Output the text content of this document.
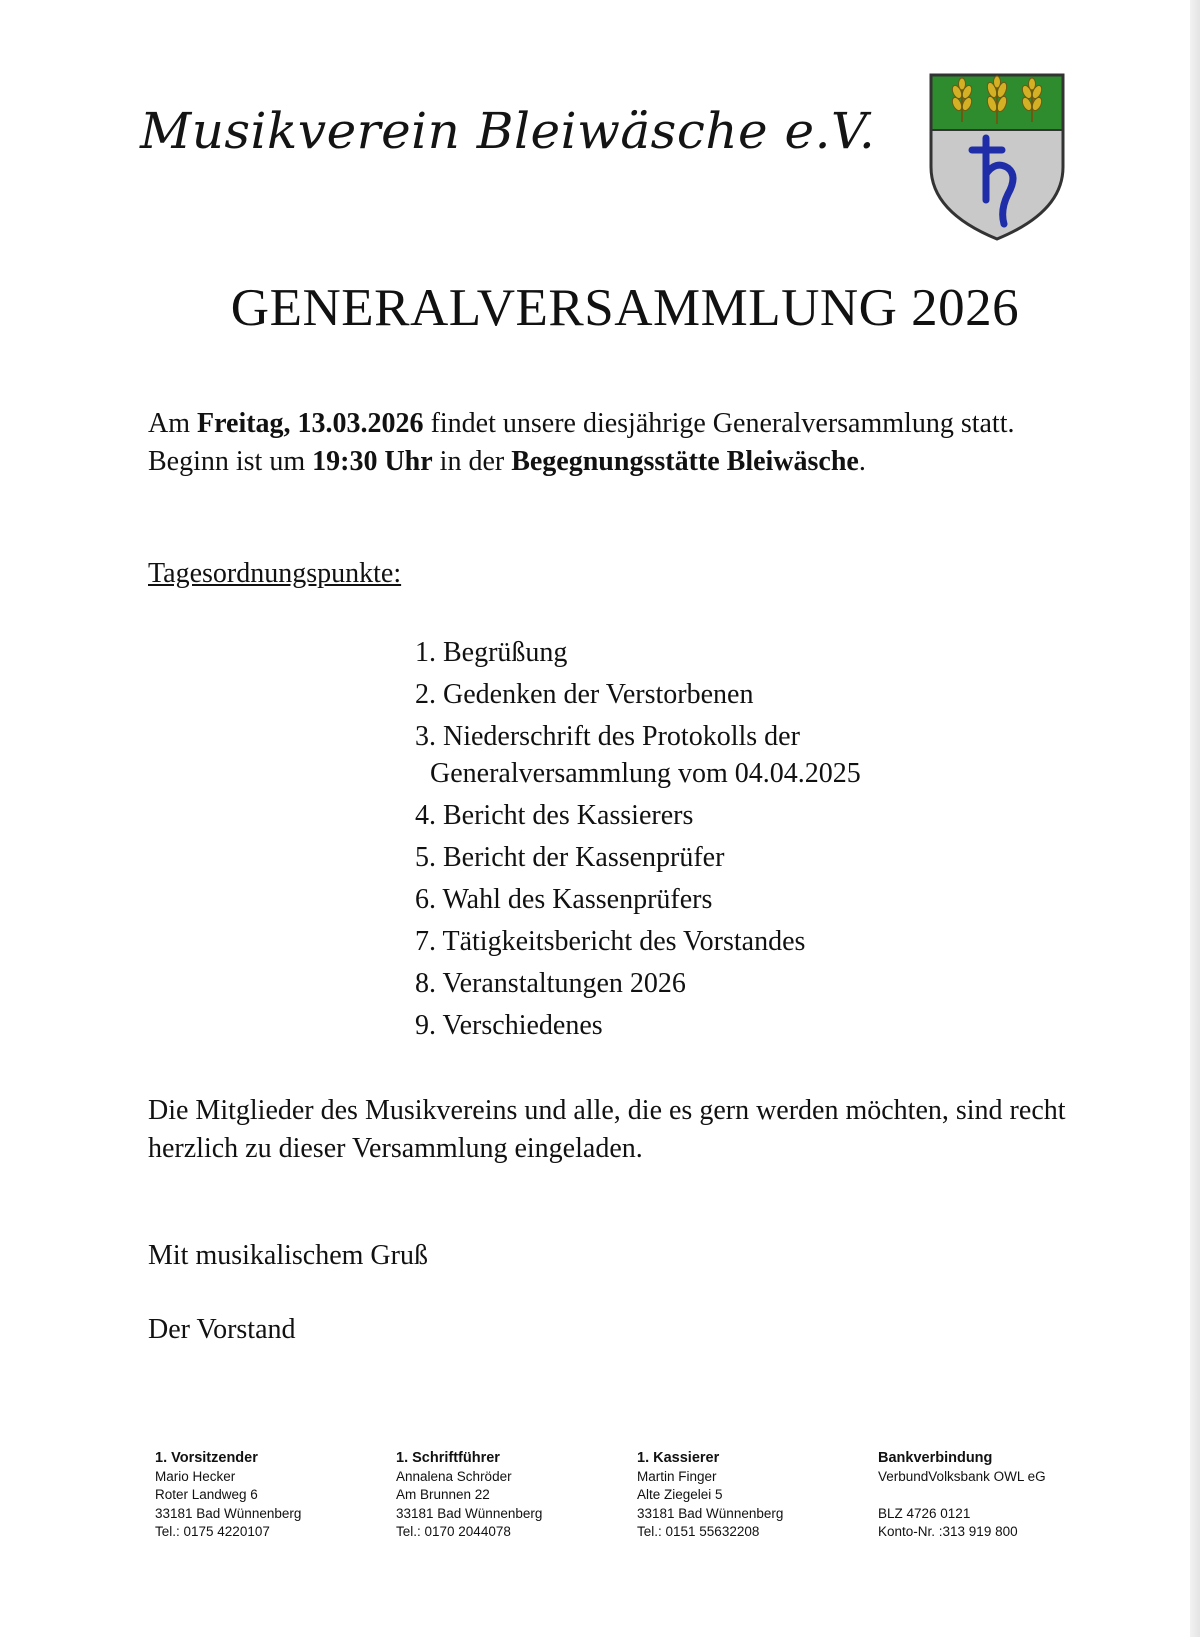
Musikverein Bleiwäsche e.V.
GENERALVERSAMMLUNG 2026
Am Freitag, 13.03.2026 findet unsere diesjährige Generalversammlung statt. Beginn ist um 19:30 Uhr in der Begegnungsstätte Bleiwäsche.
Tagesordnungspunkte:
1. Begrüßung
2. Gedenken der Verstorbenen
3. Niederschrift des Protokolls der
Generalversammlung vom 04.04.2025
4. Bericht des Kassierers
5. Bericht der Kassenprüfer
6. Wahl des Kassenprüfers
7. Tätigkeitsbericht des Vorstandes
8. Veranstaltungen 2026
9. Verschiedenes
Die Mitglieder des Musikvereins und alle, die es gern werden möchten, sind recht herzlich zu dieser Versammlung eingeladen.
Mit musikalischem Gruß
Der Vorstand
1. Vorsitzender
Mario Hecker
Roter Landweg 6
33181 Bad Wünnenberg
Tel.: 0175 4220107
1. Schriftführer
Annalena Schröder
Am Brunnen 22
33181 Bad Wünnenberg
Tel.: 0170 2044078
1. Kassierer
Martin Finger
Alte Ziegelei 5
33181 Bad Wünnenberg
Tel.: 0151 55632208
Bankverbindung
VerbundVolksbank OWL eG
BLZ 4726 0121
Konto-Nr. :313 919 800
